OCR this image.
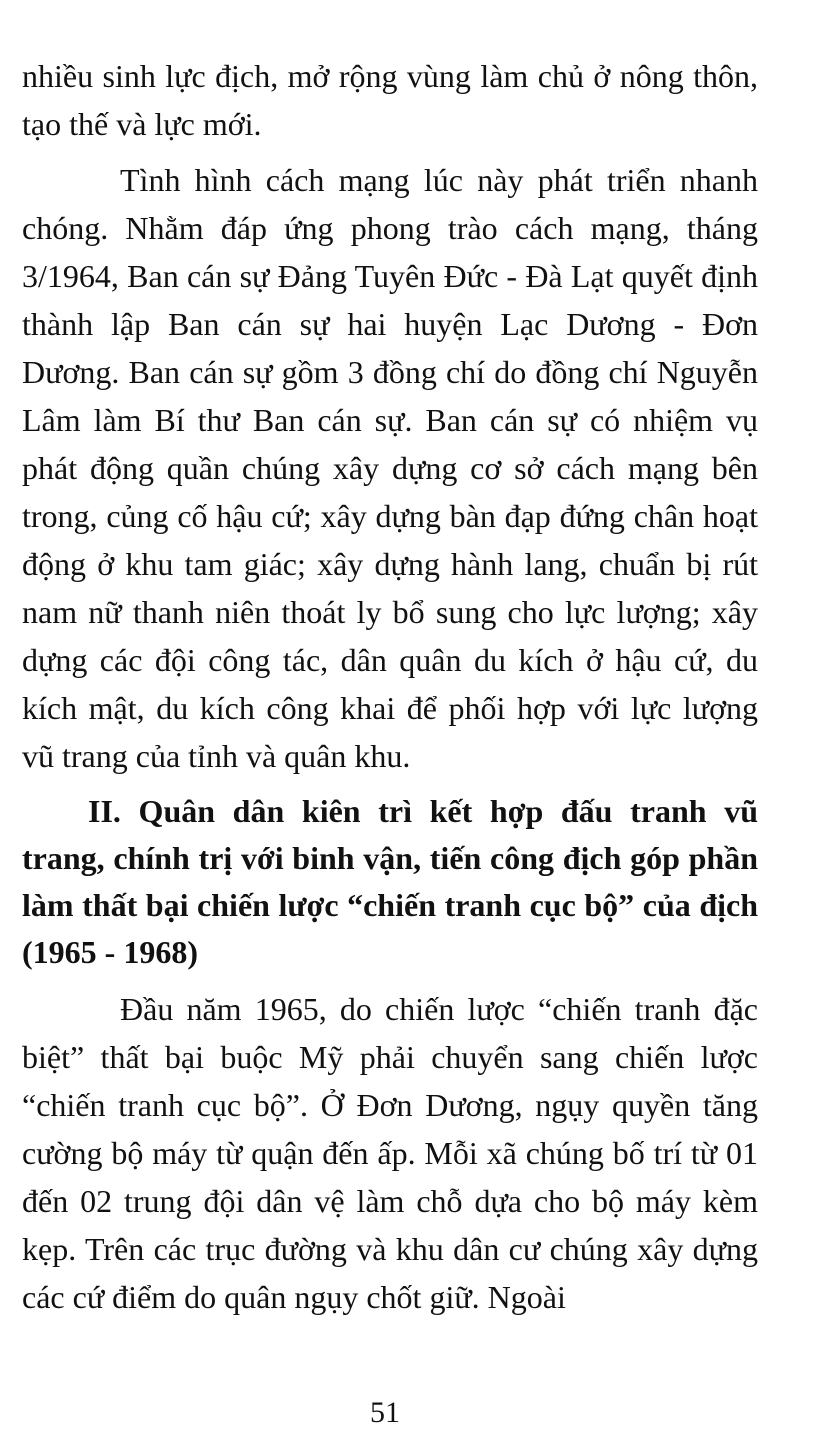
nhiều sinh lực địch, mở rộng vùng làm chủ ở nông thôn, tạo thế và lực mới.

Tình hình cách mạng lúc này phát triển nhanh chóng. Nhằm đáp ứng phong trào cách mạng, tháng 3/1964, Ban cán sự Đảng Tuyên Đức - Đà Lạt quyết định thành lập Ban cán sự hai huyện Lạc Dương - Đơn Dương. Ban cán sự gồm 3 đồng chí do đồng chí Nguyễn Lâm làm Bí thư Ban cán sự. Ban cán sự có nhiệm vụ phát động quần chúng xây dựng cơ sở cách mạng bên trong, củng cố hậu cứ; xây dựng bàn đạp đứng chân hoạt động ở khu tam giác; xây dựng hành lang, chuẩn bị rút nam nữ thanh niên thoát ly bổ sung cho lực lượng; xây dựng các đội công tác, dân quân du kích ở hậu cứ, du kích mật, du kích công khai để phối hợp với lực lượng vũ trang của tỉnh và quân khu.

II. Quân dân kiên trì kết hợp đấu tranh vũ trang, chính trị với binh vận, tiến công địch góp phần làm thất bại chiến lược “chiến tranh cục bộ” của địch (1965 - 1968)

Đầu năm 1965, do chiến lược “chiến tranh đặc biệt” thất bại buộc Mỹ phải chuyển sang chiến lược “chiến tranh cục bộ”. Ở Đơn Dương, ngụy quyền tăng cường bộ máy từ quận đến ấp. Mỗi xã chúng bố trí từ 01 đến 02 trung đội dân vệ làm chỗ dựa cho bộ máy kèm kẹp. Trên các trục đường và khu dân cư chúng xây dựng các cứ điểm do quân ngụy chốt giữ. Ngoài

51
